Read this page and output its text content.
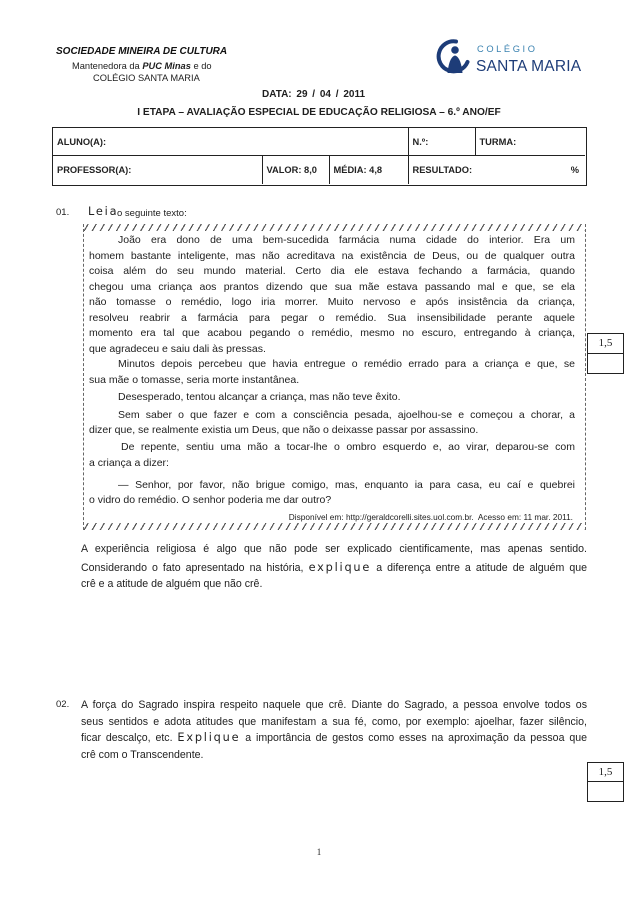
SOCIEDADE MINEIRA DE CULTURA
Mantenedora da PUC Minas e do
COLÉGIO SANTA MARIA
COLÉGIO
SANTA MARIA
DATA: 29 / 04 / 2011
I ETAPA – AVALIAÇÃO ESPECIAL DE EDUCAÇÃO RELIGIOSA – 6.º ANO/EF
ALUNO(A):	N.º:	TURMA:
PROFESSOR(A):	VALOR: 8,0	MÉDIA: 4,8	RESULTADO:	%
01. Leia
o seguinte texto:
João era dono de uma bem-sucedida farmácia numa cidade do interior. Era um
homem bastante inteligente, mas não acreditava na existência de Deus, ou de qualquer outra
coisa além do seu mundo material. Certo dia ele estava fechando a farmácia, quando
chegou uma criança aos prantos dizendo que sua mãe estava passando mal e que, se ela
não tomasse o remédio, logo iria morrer. Muito nervoso e após insistência da criança,
resolveu reabrir a farmácia para pegar o remédio. Sua insensibilidade perante aquele
momento era tal que acabou pegando o remédio, mesmo no escuro, entregando à criança,
que agradeceu e saiu dali às pressas.
Minutos depois percebeu que havia entregue o remédio errado para a criança e que, se
sua mãe o tomasse, seria morte instantânea.
Desesperado, tentou alcançar a criança, mas não teve êxito.
Sem saber o que fazer e com a consciência pesada, ajoelhou-se e começou a chorar, a
dizer que, se realmente existia um Deus, que não o deixasse passar por assassino.
De repente, sentiu uma mão a tocar-lhe o ombro esquerdo e, ao virar, deparou-se com
a criança a dizer:
— Senhor, por favor, não brigue comigo, mas, enquanto ia para casa, eu caí e quebrei
o vidro do remédio. O senhor poderia me dar outro?
Disponível em: http://geraldcorelli.sites.uol.com.br.  Acesso em: 11 mar. 2011.
1,5
A experiência religiosa é algo que não pode ser explicado cientificamente, mas apenas sentido.
Considerando o fato apresentado na história, explique a diferença entre a atitude de alguém que
crê e a atitude de alguém que não crê.
02. A força do Sagrado inspira respeito naquele que crê. Diante do Sagrado, a pessoa envolve todos os
seus sentidos e adota atitudes que manifestam a sua fé, como, por exemplo: ajoelhar, fazer silêncio,
ficar descalço, etc. Explique a importância de gestos como esses na aproximação da pessoa que
crê com o Transcendente.
1,5
1
